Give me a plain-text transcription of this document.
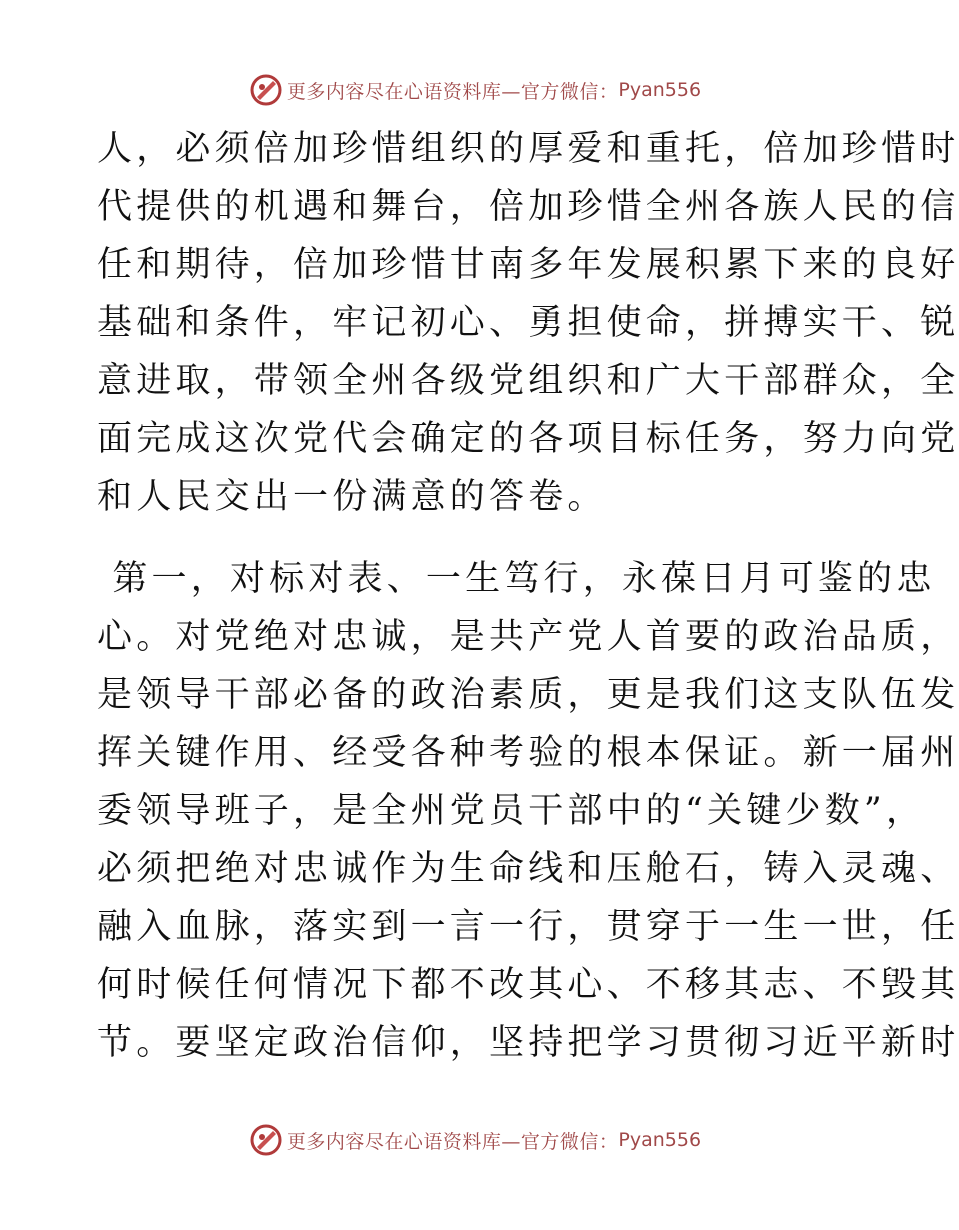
更多内容尽在心语资料库—官方微信： Pyan556
人，必须倍加珍惜组织的厚爱和重托，倍加珍惜时
代提供的机遇和舞台，倍加珍惜全州各族人民的信
任和期待，倍加珍惜甘南多年发展积累下来的良好
基础和条件，牢记初心、勇担使命，拼搏实干、锐
意进取，带领全州各级党组织和广大干部群众，全
面完成这次党代会确定的各项目标任务，努力向党
和人民交出一份满意的答卷。
第一，对标对表、一生笃行，永葆日月可鉴的忠
心。对党绝对忠诚，是共产党人首要的政治品质，
是领导干部必备的政治素质，更是我们这支队伍发
挥关键作用、经受各种考验的根本保证。新一届州
委领导班子，是全州党员干部中的“关键少数”，
必须把绝对忠诚作为生命线和压舱石，铸入灵魂、
融入血脉，落实到一言一行，贯穿于一生一世，任
何时候任何情况下都不改其心、不移其志、不毁其
节。要坚定政治信仰，坚持把学习贯彻习近平新时
更多内容尽在心语资料库—官方微信： Pyan556
